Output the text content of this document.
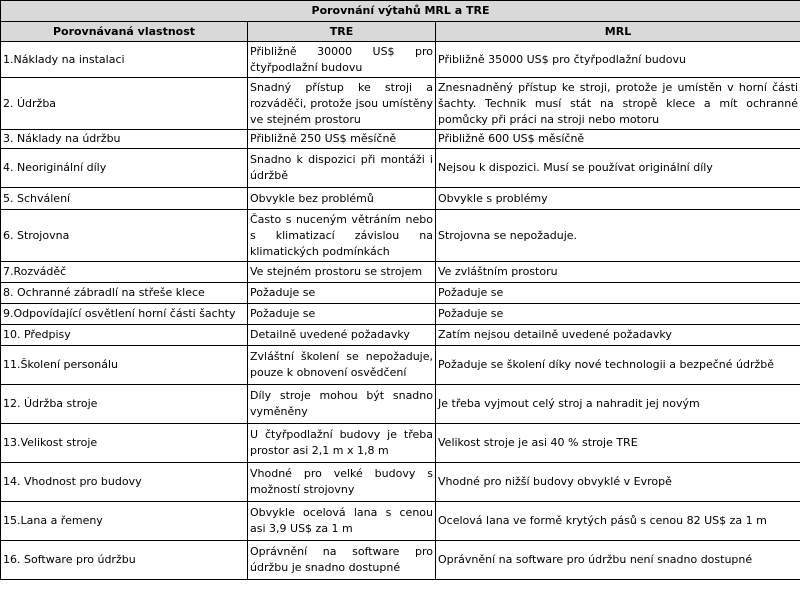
Porovnání výtahů MRL a TRE		
Porovnávaná vlastnost	TRE	MRL
1.Náklady na instalaci	Přibližně 30000 US$ pro čtyřpodlažní budovu	Přibližně 35000 US$ pro čtyřpodlažní budovu
2. Údržba	Snadný přístup ke stroji a rozváděči, protože jsou umístěny ve stejném prostoru	Znesnadněný přístup ke stroji, protože je umístěn v horní části šachty. Technik musí stát na stropě klece a mít ochranné pomůcky při práci na stroji nebo motoru
3. Náklady na údržbu	Přibližně 250 US$ měsíčně	Přibližně 600 US$ měsíčně
4. Neoriginální díly	Snadno k dispozici při montáži i údržbě	Nejsou k dispozici. Musí se používat originální díly
5. Schválení	Obvykle bez problémů	Obvykle s problémy
6. Strojovna	Často s nuceným větráním nebo s klimatizací závislou na klimatických podmínkách	Strojovna se nepožaduje.
7.Rozváděč	Ve stejném prostoru se strojem	Ve zvláštním prostoru
8. Ochranné zábradlí na střeše klece	Požaduje se	Požaduje se
9.Odpovídající osvětlení horní části šachty	Požaduje se	Požaduje se
10. Předpisy	Detailně uvedené požadavky	Zatím nejsou detailně uvedené požadavky
11.Školení personálu	Zvláštní školení se nepožaduje, pouze k obnovení osvědčení	Požaduje se školení díky nové technologii a bezpečné údržbě
12. Údržba stroje	Díly stroje mohou být snadno vyměněny	Je třeba vyjmout celý stroj a nahradit jej novým
13.Velikost stroje	U čtyřpodlažní budovy je třeba prostor asi 2,1 m x 1,8 m	Velikost stroje je asi 40 % stroje TRE
14. Vhodnost pro budovy	Vhodné pro velké budovy s možností strojovny	Vhodné pro nižší budovy obvyklé v Evropě
15.Lana a řemeny	Obvykle ocelová lana s cenou asi 3,9 US$ za 1 m	Ocelová lana ve formě krytých pásů s cenou 82 US$ za 1 m
16. Software pro údržbu	Oprávnění na software pro údržbu je snadno dostupné	Oprávnění na software pro údržbu není snadno dostupné
